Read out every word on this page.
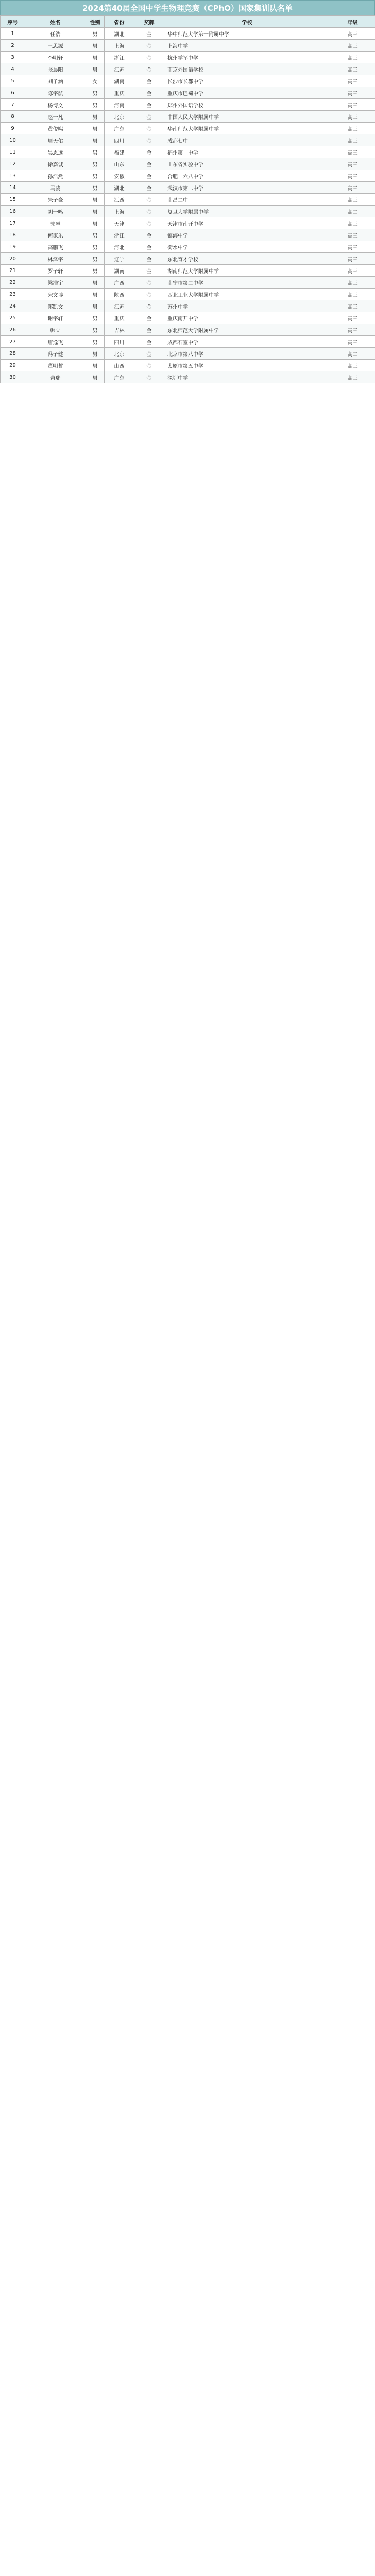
2024第40届全国中学生物理竞赛（CPhO）国家集训队名单
序号	姓名	性别	省份	奖牌	学校	年级
1	任浩	男	湖北	金	华中师范大学第一附属中学	高三
2	王思源	男	上海	金	上海中学	高三
3	李明轩	男	浙江	金	杭州学军中学	高三
4	张晨阳	男	江苏	金	南京外国语学校	高三
5	刘子涵	女	湖南	金	长沙市长郡中学	高三
6	陈宇航	男	重庆	金	重庆市巴蜀中学	高三
7	杨博文	男	河南	金	郑州外国语学校	高三
8	赵一凡	男	北京	金	中国人民大学附属中学	高三
9	黄俊熙	男	广东	金	华南师范大学附属中学	高三
10	周天佑	男	四川	金	成都七中	高三
11	吴思远	男	福建	金	福州第一中学	高三
12	徐嘉诚	男	山东	金	山东省实验中学	高三
13	孙浩然	男	安徽	金	合肥一六八中学	高三
14	马骁	男	湖北	金	武汉市第二中学	高三
15	朱子豪	男	江西	金	南昌二中	高三
16	胡一鸣	男	上海	金	复旦大学附属中学	高二
17	郭睿	男	天津	金	天津市南开中学	高三
18	何家乐	男	浙江	金	镇海中学	高三
19	高鹏飞	男	河北	金	衡水中学	高三
20	林泽宇	男	辽宁	金	东北育才学校	高三
21	罗子轩	男	湖南	金	湖南师范大学附属中学	高三
22	梁浩宇	男	广西	金	南宁市第二中学	高三
23	宋文博	男	陕西	金	西北工业大学附属中学	高三
24	郑凯文	男	江苏	金	苏州中学	高三
25	谢宇轩	男	重庆	金	重庆南开中学	高三
26	韩立	男	吉林	金	东北师范大学附属中学	高三
27	唐逸飞	男	四川	金	成都石室中学	高三
28	冯子健	男	北京	金	北京市第八中学	高二
29	董明哲	男	山西	金	太原市第五中学	高三
30	萧瑞	男	广东	金	深圳中学	高三
